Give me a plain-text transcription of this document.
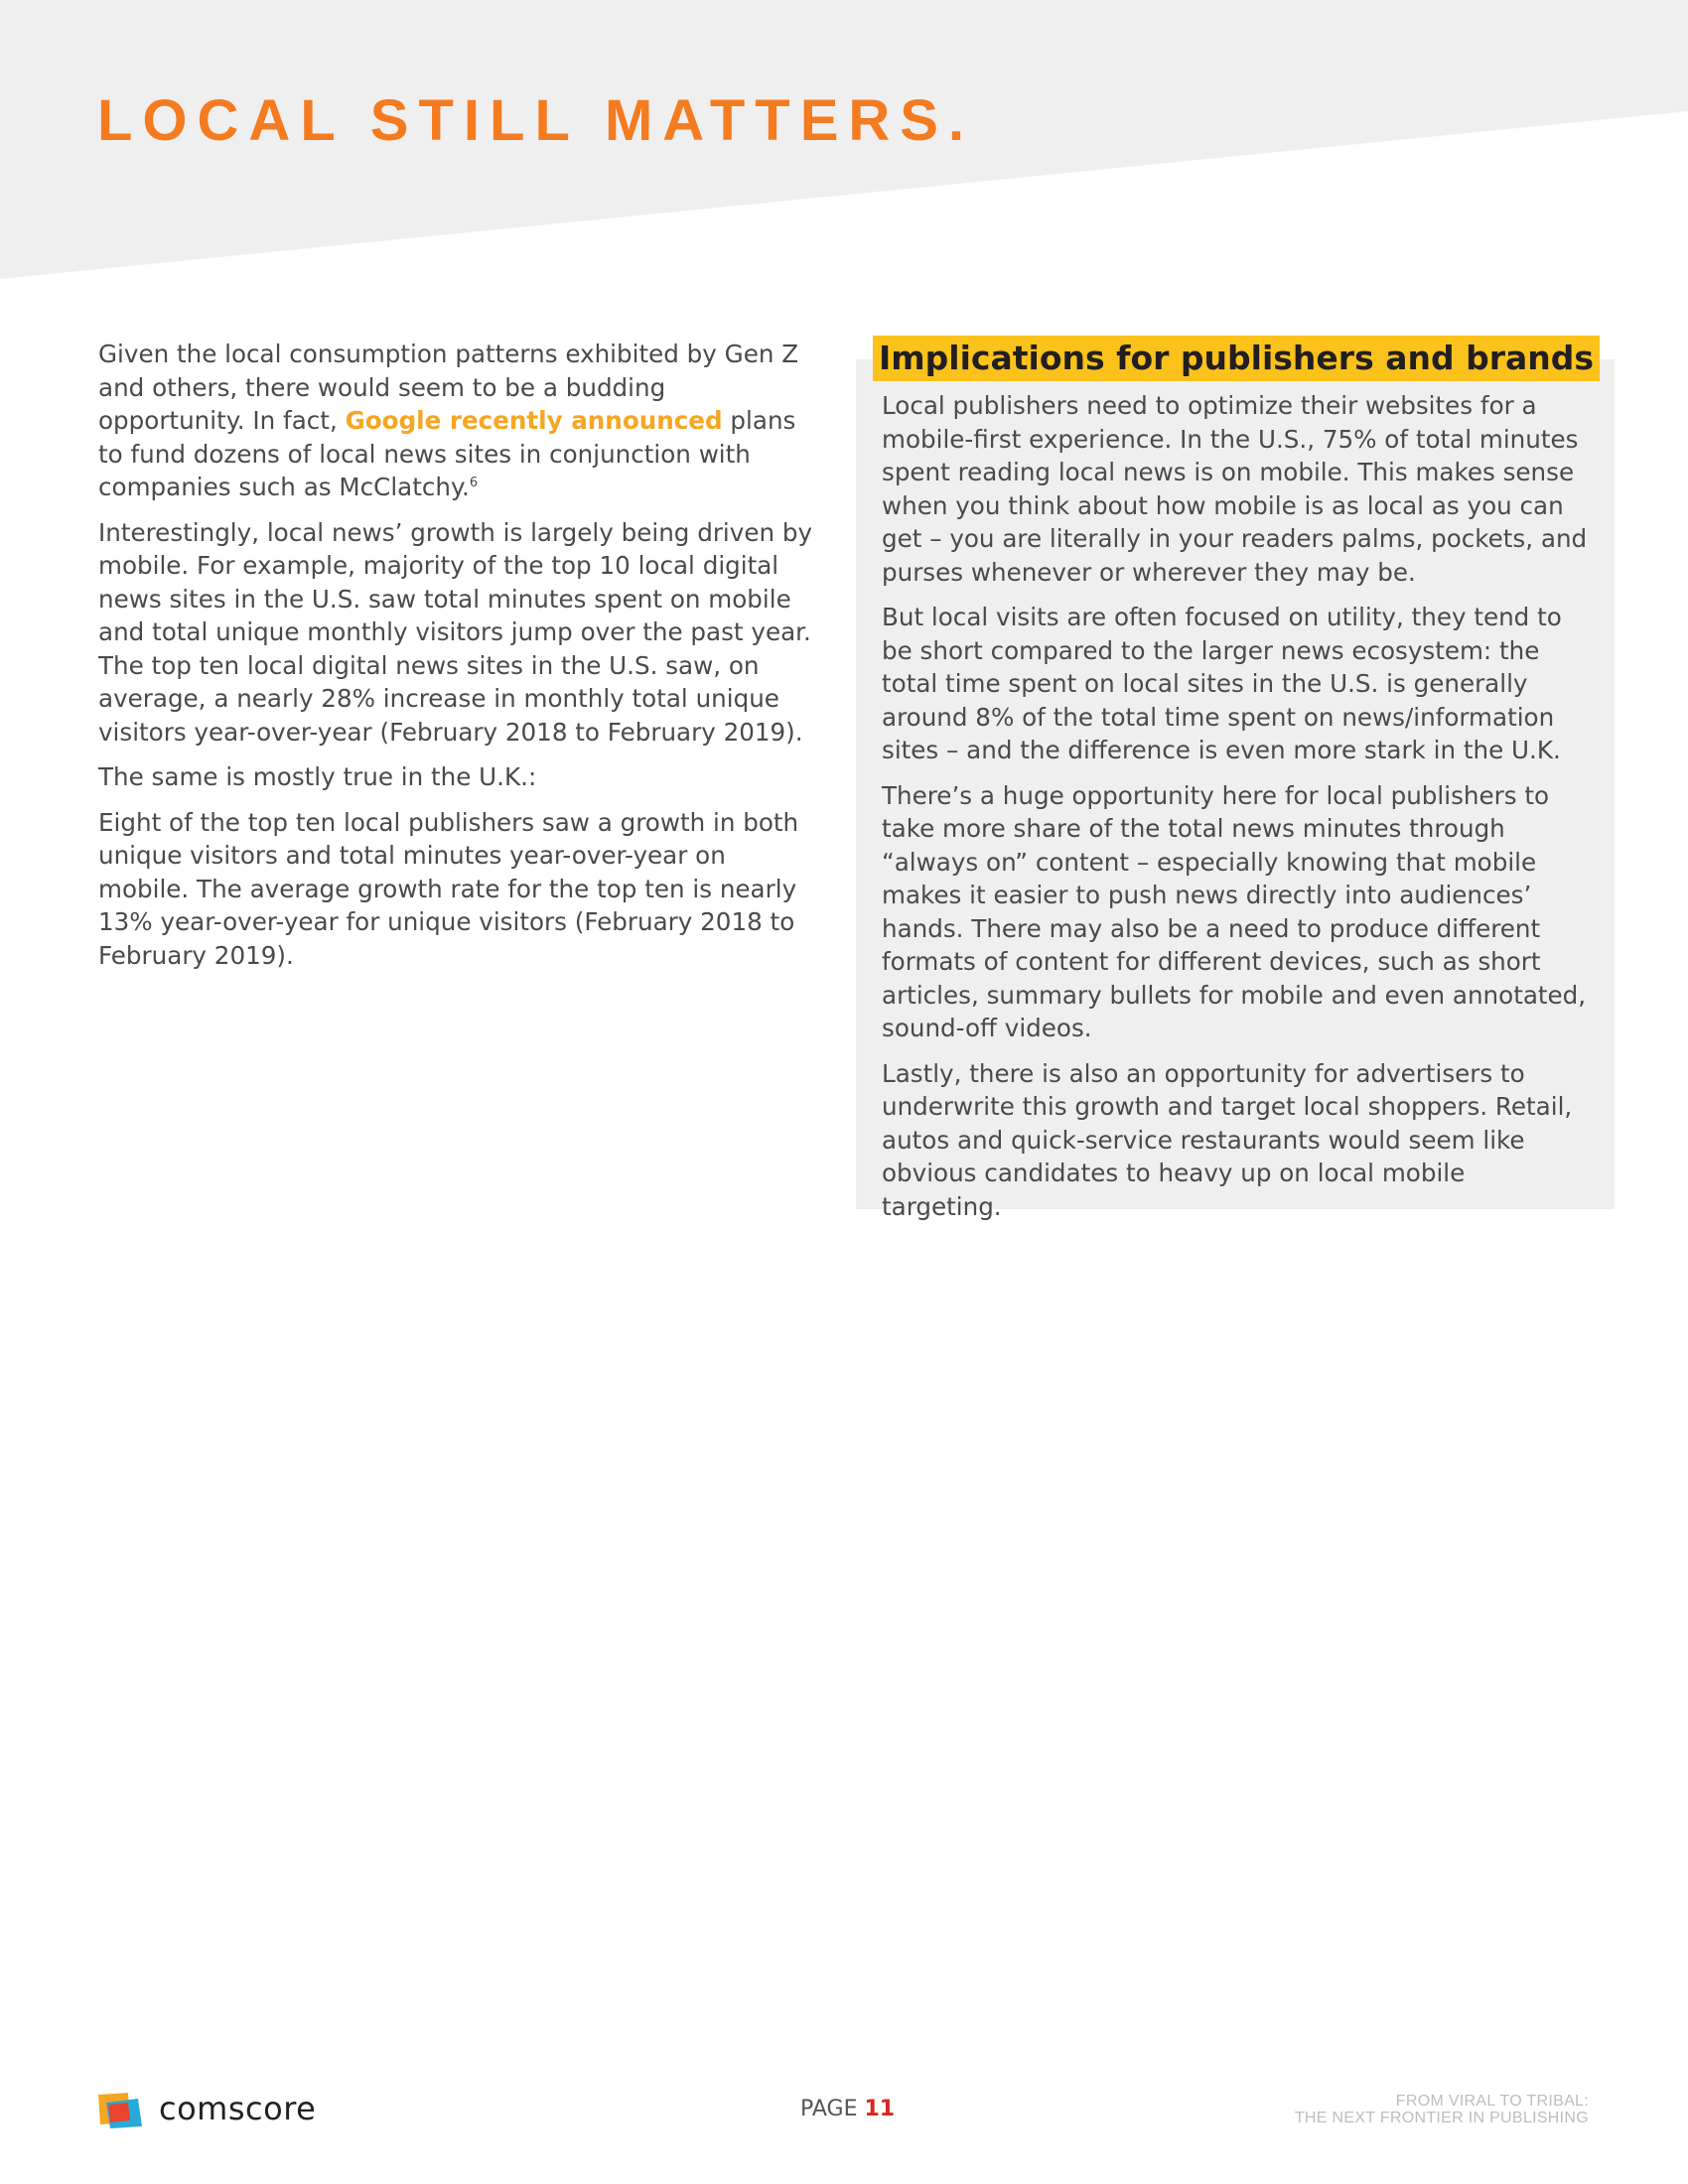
LOCAL STILL MATTERS.

Given the local consumption patterns exhibited by Gen Z and others, there would seem to be a budding opportunity. In fact, Google recently announced plans to fund dozens of local news sites in conjunction with companies such as McClatchy.$^6$

Interestingly, local news’ growth is largely being driven by mobile. For example, majority of the top 10 local digital news sites in the U.S. saw total minutes spent on mobile and total unique monthly visitors jump over the past year. The top ten local digital news sites in the U.S. saw, on average, a nearly 28% increase in monthly total unique visitors year-over-year (February 2018 to February 2019).

The same is mostly true in the U.K.:

Eight of the top ten local publishers saw a growth in both unique visitors and total minutes year-over-year on mobile. The average growth rate for the top ten is nearly 13% year-over-year for unique visitors (February 2018 to February 2019).

Local publishers need to optimize their websites for a mobile-first experience. In the U.S., 75% of total minutes spent reading local news is on mobile. This makes sense when you think about how mobile is as local as you can get – you are literally in your readers palms, pockets, and purses whenever or wherever they may be.

But local visits are often focused on utility, they tend to be short compared to the larger news ecosystem: the total time spent on local sites in the U.S. is generally around 8% of the total time spent on news/information sites – and the difference is even more stark in the U.K.

There’s a huge opportunity here for local publishers to take more share of the total news minutes through “always on” content – especially knowing that mobile makes it easier to push news directly into audiences’ hands. There may also be a need to produce different formats of content for different devices, such as short articles, summary bullets for mobile and even annotated, sound-off videos.

Lastly, there is also an opportunity for advertisers to underwrite this growth and target local shoppers. Retail, autos and quick-service restaurants would seem like obvious candidates to heavy up on local mobile targeting.

Implications for publishers and brands
comscore	PAGE 11	FROM VIRAL TO TRIBAL:
THE NEXT FRONTIER IN PUBLISHING
